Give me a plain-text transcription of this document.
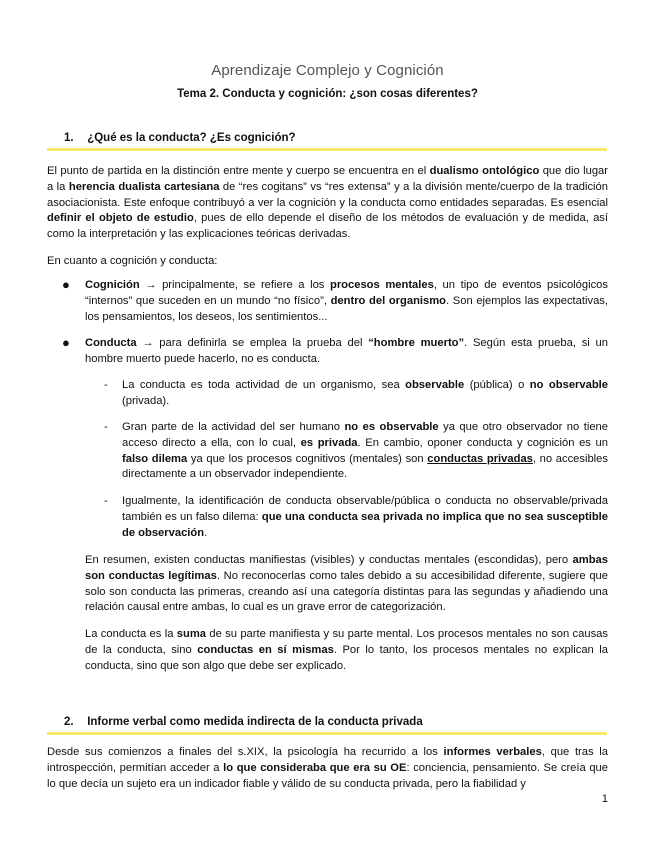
Aprendizaje Complejo y Cognición
Tema 2. Conducta y cognición: ¿son cosas diferentes?
1. ¿Qué es la conducta? ¿Es cognición?
El punto de partida en la distinción entre mente y cuerpo se encuentra en el dualismo ontológico que dio lugar a la herencia dualista cartesiana de “res cogitans” vs “res extensa” y a la división mente/cuerpo de la tradición asociacionista. Este enfoque contribuyó a ver la cognición y la conducta como entidades separadas. Es esencial definir el objeto de estudio, pues de ello depende el diseño de los métodos de evaluación y de medida, así como la interpretación y las explicaciones teóricas derivadas.
En cuanto a cognición y conducta:
● Cognición → principalmente, se refiere a los procesos mentales, un tipo de eventos psicológicos “internos” que suceden en un mundo “no físico”, dentro del organismo. Son ejemplos las expectativas, los pensamientos, los deseos, los sentimientos...
● Conducta → para definirla se emplea la prueba del “hombre muerto”. Según esta prueba, si un hombre muerto puede hacerlo, no es conducta.
- La conducta es toda actividad de un organismo, sea observable (pública) o no observable (privada).
- Gran parte de la actividad del ser humano no es observable ya que otro observador no tiene acceso directo a ella, con lo cual, es privada. En cambio, oponer conducta y cognición es un falso dilema ya que los procesos cognitivos (mentales) son conductas privadas, no accesibles directamente a un observador independiente.
- Igualmente, la identificación de conducta observable/pública o conducta no observable/privada también es un falso dilema: que una conducta sea privada no implica que no sea susceptible de observación.
En resumen, existen conductas manifiestas (visibles) y conductas mentales (escondidas), pero ambas son conductas legítimas. No reconocerlas como tales debido a su accesibilidad diferente, sugiere que solo son conducta las primeras, creando así una categoría distintas para las segundas y añadiendo una relación causal entre ambas, lo cual es un grave error de categorización.
La conducta es la suma de su parte manifiesta y su parte mental. Los procesos mentales no son causas de la conducta, sino conductas en sí mismas. Por lo tanto, los procesos mentales no explican la conducta, sino que son algo que debe ser explicado.
2. Informe verbal como medida indirecta de la conducta privada
Desde sus comienzos a finales del s.XIX, la psicología ha recurrido a los informes verbales, que tras la introspección, permitían acceder a lo que consideraba que era su OE: conciencia, pensamiento. Se creía que lo que decía un sujeto era un indicador fiable y válido de su conducta privada, pero la fiabilidad y
1
